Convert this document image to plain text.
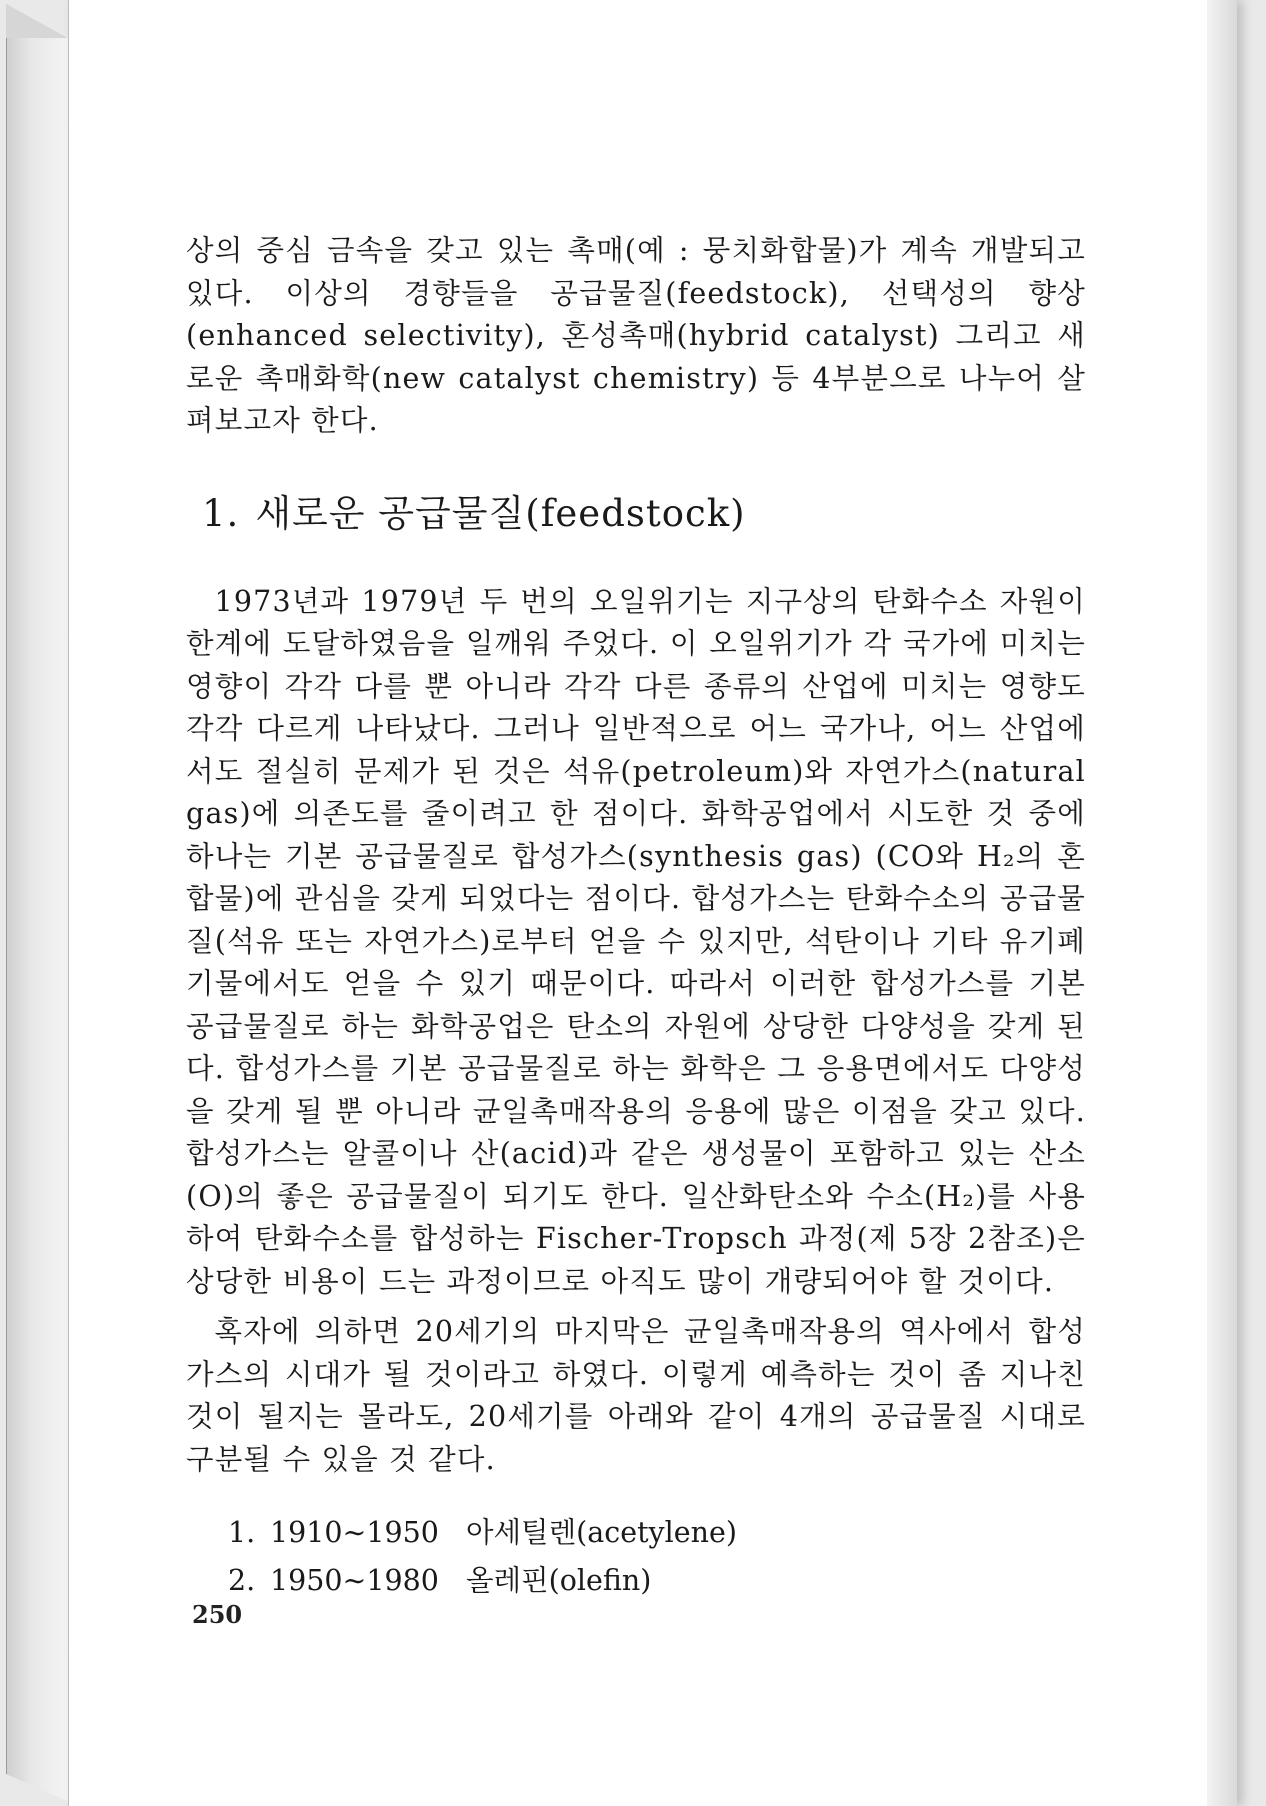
상의 중심 금속을 갖고 있는 촉매(예 : 뭉치화합물)가 계속 개발되고 있다. 이상의 경향들을 공급물질(feedstock), 선택성의 향상(enhanced selectivity), 혼성촉매(hybrid catalyst) 그리고 새로운 촉매화학(new catalyst chemistry) 등 4부분으로 나누어 살펴보고자 한다.

1. 새로운 공급물질(feedstock)

1973년과 1979년 두 번의 오일위기는 지구상의 탄화수소 자원이 한계에 도달하였음을 일깨워 주었다. 이 오일위기가 각 국가에 미치는 영향이 각각 다를 뿐 아니라 각각 다른 종류의 산업에 미치는 영향도 각각 다르게 나타났다. 그러나 일반적으로 어느 국가나, 어느 산업에서도 절실히 문제가 된 것은 석유(petroleum)와 자연가스(natural gas)에 의존도를 줄이려고 한 점이다. 화학공업에서 시도한 것 중에 하나는 기본 공급물질로 합성가스(synthesis gas) (CO와 H₂의 혼합물)에 관심을 갖게 되었다는 점이다. 합성가스는 탄화수소의 공급물질(석유 또는 자연가스)로부터 얻을 수 있지만, 석탄이나 기타 유기폐기물에서도 얻을 수 있기 때문이다. 따라서 이러한 합성가스를 기본 공급물질로 하는 화학공업은 탄소의 자원에 상당한 다양성을 갖게 된다. 합성가스를 기본 공급물질로 하는 화학은 그 응용면에서도 다양성을 갖게 될 뿐 아니라 균일촉매작용의 응용에 많은 이점을 갖고 있다. 합성가스는 알콜이나 산(acid)과 같은 생성물이 포함하고 있는 산소(O)의 좋은 공급물질이 되기도 한다. 일산화탄소와 수소(H₂)를 사용하여 탄화수소를 합성하는 Fischer-Tropsch 과정(제 5장 2참조)은 상당한 비용이 드는 과정이므로 아직도 많이 개량되어야 할 것이다.

혹자에 의하면 20세기의 마지막은 균일촉매작용의 역사에서 합성가스의 시대가 될 것이라고 하였다. 이렇게 예측하는 것이 좀 지나친 것이 될지는 몰라도, 20세기를 아래와 같이 4개의 공급물질 시대로 구분될 수 있을 것 같다.

1. 1910∼1950 아세틸렌(acetylene)
2. 1950∼1980 올레핀(olefin)
250
